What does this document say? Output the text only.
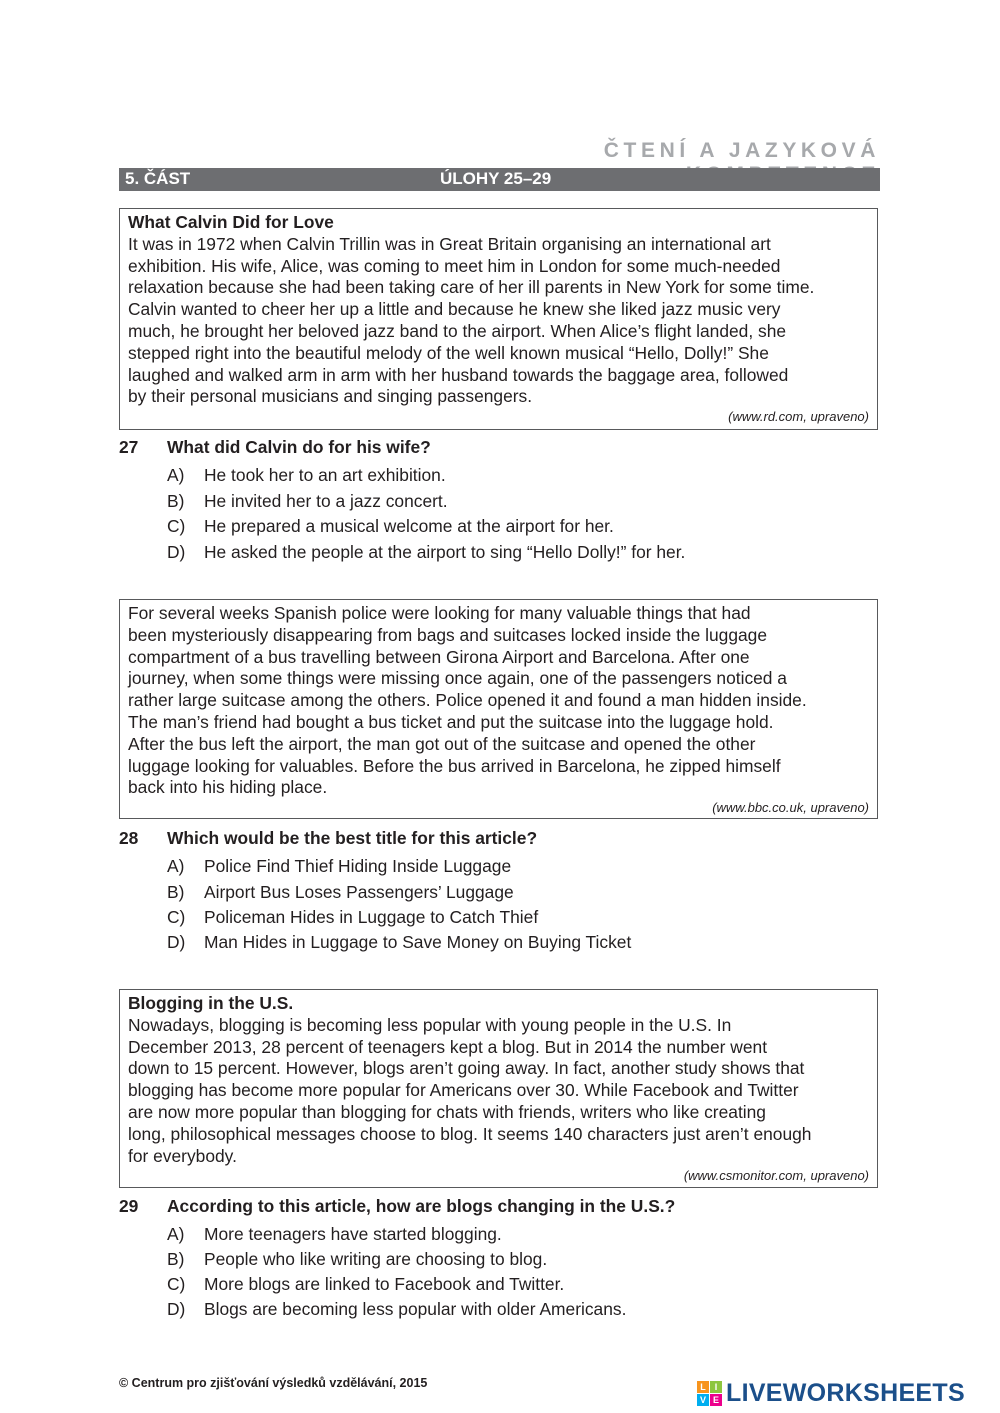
ČTENÍ A JAZYKOVÁ
5. ČÁST	ÚLOHY 25–29
What Calvin Did for Love
It was in 1972 when Calvin Trillin was in Great Britain organising an international art
exhibition. His wife, Alice, was coming to meet him in London for some much-needed
relaxation because she had been taking care of her ill parents in New York for some time.
Calvin wanted to cheer her up a little and because he knew she liked jazz music very
much, he brought her beloved jazz band to the airport. When Alice’s flight landed, she
stepped right into the beautiful melody of the well known musical “Hello, Dolly!” She
laughed and walked arm in arm with her husband towards the baggage area, followed
by their personal musicians and singing passengers.
(www.rd.com, upraveno)
27 What did Calvin do for his wife?
A) He took her to an art exhibition.
B) He invited her to a jazz concert.
C) He prepared a musical welcome at the airport for her.
D) He asked the people at the airport to sing “Hello Dolly!” for her.
For several weeks Spanish police were looking for many valuable things that had
been mysteriously disappearing from bags and suitcases locked inside the luggage
compartment of a bus travelling between Girona Airport and Barcelona. After one
journey, when some things were missing once again, one of the passengers noticed a
rather large suitcase among the others. Police opened it and found a man hidden inside.
The man’s friend had bought a bus ticket and put the suitcase into the luggage hold.
After the bus left the airport, the man got out of the suitcase and opened the other
luggage looking for valuables. Before the bus arrived in Barcelona, he zipped himself
back into his hiding place.
(www.bbc.co.uk, upraveno)
28 Which would be the best title for this article?
A) Police Find Thief Hiding Inside Luggage
B) Airport Bus Loses Passengers’ Luggage
C) Policeman Hides in Luggage to Catch Thief
D) Man Hides in Luggage to Save Money on Buying Ticket
Blogging in the U.S.
Nowadays, blogging is becoming less popular with young people in the U.S. In
December 2013, 28 percent of teenagers kept a blog. But in 2014 the number went
down to 15 percent. However, blogs aren’t going away. In fact, another study shows that
blogging has become more popular for Americans over 30. While Facebook and Twitter
are now more popular than blogging for chats with friends, writers who like creating
long, philosophical messages choose to blog. It seems 140 characters just aren’t enough
for everybody.
(www.csmonitor.com, upraveno)
29 According to this article, how are blogs changing in the U.S.?
A) More teenagers have started blogging.
B) People who like writing are choosing to blog.
C) More blogs are linked to Facebook and Twitter.
D) Blogs are becoming less popular with older Americans.
© Centrum pro zjišťování výsledků vzdělávání, 2015	L I
V E LIVEWORKSHEETS
